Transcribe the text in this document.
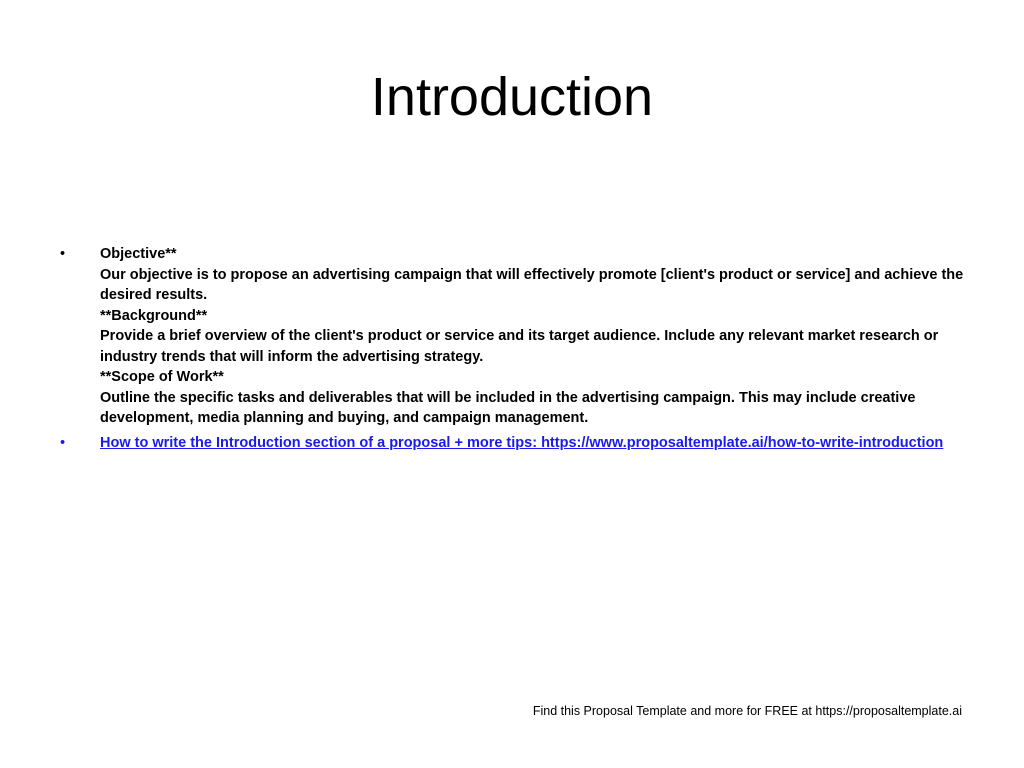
Introduction
•	Objective**
Our objective is to propose an advertising campaign that will effectively promote [client's product or service] and achieve the desired results.
**Background**
Provide a brief overview of the client's product or service and its target audience. Include any relevant market research or industry trends that will inform the advertising strategy.
**Scope of Work**
Outline the specific tasks and deliverables that will be included in the advertising campaign. This may include creative development, media planning and buying, and campaign management.
•	How to write the Introduction section of a proposal + more tips: https://www.proposaltemplate.ai/how-to-write-introduction
Find this Proposal Template and more for FREE at https://proposaltemplate.ai
